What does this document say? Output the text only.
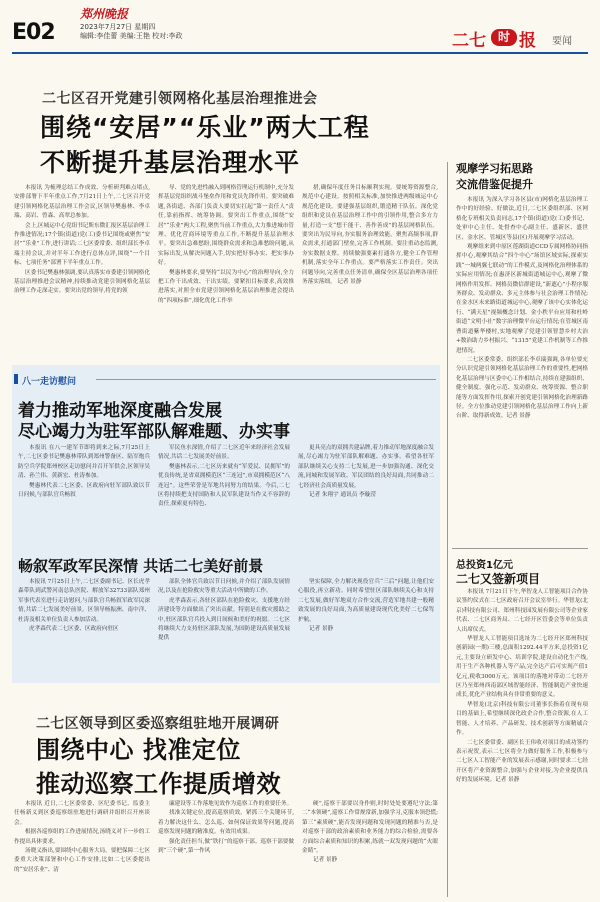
E02
郑州晚报
2023年7月27日 星期四
编辑:李佳蕾 美编:王艳 校对:李政	二七 时 报 要闻
二七区召开党建引领网格化基层治理推进会
围绕“安居”“乐业”两大工程
不断提升基层治理水平
本报讯 为梳理总结工作成效、分析研判难点堵点,安排部署下半年重点工作,7月21日上午,二七区召开党建引领网格化基层治理工作会议,区领导樊惠林、李卓瑞、高岩、曾森、高翠总参加。
会上,区城运中心党组书记斯东微汇报区基层治理工作推进情况;17个镇(街道)党(工)委书记围绕或聚焦“安居”“乐业”工作,进行讲话;二七区委常委、组织部长李卓瑞主持会议,并对半年工作进行总体点评,围绕“一个目标、七项任务”部署下半年重点工作。
区委书记樊惠林强调,要认真落实市委建引领网格化基层治理推进会议精神,持续推动党建引领网格化基层治理工作走深走实。要突出党的领导,将党的领
导、党的先进性融入到网格管理运行机制中,充分发挥基层党组织战斗堡垒作用和党员先锋作用。要突破难题,各街道、各部门负责人要切实扛起“第一责任人”责任,靠前指挥、统筹协调。要突出工作重点,围绕“安居”“乐业”两大工程,聚焦当前工作重点,大力推进城市管理、优化营商环境等重点工作,不断提升基层治理水平。要突出急难愁盼,围绕群众需求和急难愁盼问题,从实际出发,从解决问题入手,切实把好事办实、把实事办好。
樊惠林要求,要坚持“以民为中心”的治理导向,全力把工作干出成效、干出实绩。要紧扣目标要求,高效推进落实,对照全市党建引领网格化基层治理推进会提出的“四项标准”,细化优化工作举
措,确保年度任务目标顺利实现。要统筹资源整合,规范中心建设。按照相关标准,加快推进两级城运中心规范化建设。要建强基层组织,锻造精干队伍。深化党组织和党员在基层治理工作中的引领作用,整合多方力量,打造一支“想干能干、善作善成”的基层网格队伍。要突出为民导向,夯实服务治理效能。聚焦高频事项,群众需求,打通部门壁垒,完善工作机制。要注重动态监测,夯实数据支撑。持续做强要素打通各方,健全工作管理机制,落实全年工作重点。要严格落实工作责任。突出问题导向,完善重点任务清单,确保全区基层治理各项任务落实落细。 记者 景静
观摩学习拓思路
交流借鉴促提升
本报讯 为深入学习各区县(市)网格化基层治理工作中的好经验、好做法,近日,二七区委组织部、区网格化专班相关负责同志,17个镇(街道)党(工)委书记、处审中心主任、处督查中心副主任、盛新区、盛世区、金水区、管城区等县(区)开展观摩学习活动。
观摩组来到中原区莲湖街道CCD专属网格协同指挥中心,观摩其结合“四个中心”场馆区域实际,探索实践“一城两翼七联动”的工作模式,及网格化治理体系的实际应用情况;在惠济区新城街道城运中心,观摩了微网格作用发挥、网格员微信群建设,“新遮心”小程序服务群众、发动群众、多元主体参与社会治理工作情况;在金水区未来路街道城运中心,观摩了该中心实体化运行、“满天星”视频概念计划、金小秩平台应用和杜岭街道“文明小社”数字治理微平台运行情况;在管城区南曹街道紫华楼村,实地观摩了党建引领智慧乡村大治+数治助力乡村振兴、“1315”党建工作机制等工作推进情况。
二七区委常委、组织部长李卓瑞强调,各单位要充分认识党建引领网格化基层治理工作的重要性,把网格化基层治理与区委中心工作相结合,持续在建强组织、健全制度、强化示范、发动群众、统筹资源、整合职能等方面发挥作用,探索开创党建引领网格化治理新路径。全方位推动党建引领网格化基层治理工作向上新台阶、取得新成效。记者 景静
八一走访慰问
着力推动军地深度融合发展
尽心竭力为驻军部队解难题、办实事
本报讯 在八一建军节即将到来之际,7月25日上午,二七区委书记樊惠林带队到郑州警备区、陆军炮兵防空兵学院郑州校区走访慰问并召开军供会,区领导吴清、孙兰伟、黄新宏、杜涛参加。
樊惠林代表二七区委、区政府向驻军部队致以节日问候,与部队官兵畅叙
军民鱼水深情,介绍了二七区近年来经济社会发展情况,共话二七发展美好前景。
樊惠林表示,二七区历来就有“军爱民、民拥军”的优良传统,是省双拥模范区“三连冠”,市双拥模范区“八连冠”。这些荣誉是军地共同努力的结果。今后,二七区将持续把支持国防和人民军队建设当作义不容辞的责任,探索更有特色、
更具亮点的双拥共建品牌,着力推动军地深度融合发展,尽心竭力为驻军部队解难题、办实事。希望各驻军部队继续关心支持二七发展,进一步加强沟通、深化交流,同城和发展军政、军民团结的良好局面,共同推动二七经济社会高质量发展。
记者 朱翔宇 通讯员 李璇滢
畅叙军政军民深情 共话二七美好前景
本报讯 7月25日上午,二七区委副书记、区长虎孝森带队到武警河南总队医院、解放军32733部队郑州军事代表室进行走访慰问,与部队官兵畅叙军政军民深情,共话二七发展美好前景。区领导杨振洲、南中洋、杜涛及相关单位负责人参加活动。
虎孝森代表二七区委、区政府向驻区
部队全体官兵致以节日问候,并介绍了部队发展情况,以及在抢险救灾等重大活动中所做的工作。
虎孝森表示,各驻区部队在抢险救灾、支援地方经济建设等方面做出了突出贡献。特别是在救灾援助之中,驻区部队官兵投入到日间候和美好的祝愿。二七区将继续大力支持驻区部队发展,为国防建设高质量发展提供
坚实保障,全力解决现役官兵“三后”问题,让他们安心服役,再立新功。同时希望驻区部队继续关心和支持二七发展,做好军地双方合作交流,营造军地共建一般精致发展的良好局面,为高质量建设现代化美好二七保驾护航。
记者 景静
总投资1亿元
二七又签新项目
本报讯 7月21日下午,华智龙人工智能项目合作协议签约仪式在二七区政府召开会议室举行。华智龙(北京)科技有限公司、郑州科技园发展有限公司等企业家代表、二七区商务局、二七经开区管委会等单位负责人出席仪式。
华智龙人工智能项目选址为二七经开区郑州科技创新园(一期)三楼,总面积1292.44平方米,总投资1亿元,主要设立研发中心、培训学院,建设自动化生产线,用于生产各种机器人等产品,完全达产后可实现产值1亿元,税收3000万元。该项目的落地对带动二七经开区乃至郑州西南部区域智能经济、智能制造产业快速成长,优化产业结构具有非常重要的意义。
华智龙(北京)科技有限公司董事长指着在现有项目的基础上,希望继续深化政企合作,整合资源,在人工智能、人才培养、产品研发、技术创新等方面精诚合作。
二七区委常委、副区长王伟收对项目的成功签约表示祝贺,表示二七区将全力做好服务工作,积极参与二七区人工智能产业的发展表示感谢,同时要求二七经开区将产业资源整合,加强与企业对接,为企业提供良好的发展环境。记者 景静
二七区领导到区委巡察组驻地开展调研
围绕中心 找准定位
推动巡察工作提质增效
本报讯 近日,二七区委常委、区纪委书记、监委主任杨新义到区委巡察组驻地进行调研并组织召开座谈会。
根据各巡察组的工作进展情况,汤晓义对下一步的工作提出具体要求。
汤晓义指出,要围绕中心服务大局。要把保障二七区委重大决策部署和中心工作安排,比如二七区委提出的“安居乐业”、清
廉建设等工作落地见效作为巡察工作的重要任务。
找准关键定位,提高巡察质效。紧抓三个关键环节,着力解决这什么、怎么巡、如何保证效果等问题,提高巡察发现问题的精准度。有效用成果。
强化责任担当,做“铁打”的巡察干部。巡察干部要做到“三个硬”,第一作风
硬”,巡察干部要以身作则,时时处处要遵纪守法;第二“本领硬”,巡察工作常规常新,加强学习,克服本领恐慌;第三“素质硬”,能否发现问题和发现问题的精准与否,是对巡察干部的政治素质和业务能力的综合检验,需要各方面综合素质和知识的积累,练就一双发现问题的“火眼金睛”。
记者 景静
